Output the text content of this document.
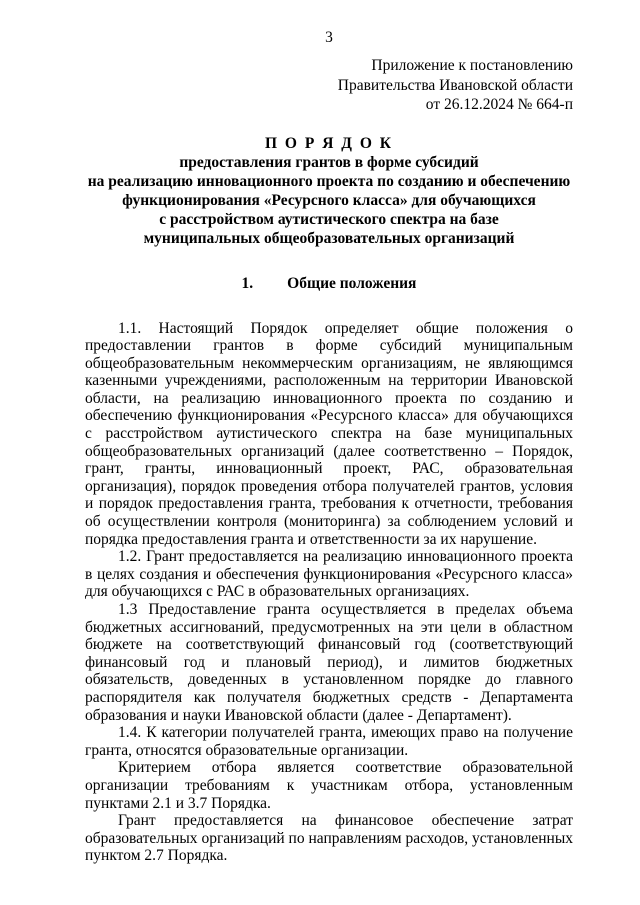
3
Приложение к постановлению
Правительства Ивановской области
от 26.12.2024 № 664-п
П О Р Я Д О К
предоставления грантов в форме субсидий
на реализацию инновационного проекта по созданию и обеспечению
функционирования «Ресурсного класса» для обучающихся
с расстройством аутистического спектра на базе
муниципальных общеобразовательных организаций
1. Общие положения

1.1. Настоящий Порядок определяет общие положения о предоставлении грантов в форме субсидий муниципальным общеобразовательным некоммерческим организациям, не являющимся казенными учреждениями, расположенным на территории Ивановской области, на реализацию инновационного проекта по созданию и обеспечению функционирования «Ресурсного класса» для обучающихся с расстройством аутистического спектра на базе муниципальных общеобразовательных организаций (далее соответственно – Порядок, грант, гранты, инновационный проект, РАС, образовательная организация), порядок проведения отбора получателей грантов, условия и порядок предоставления гранта, требования к отчетности, требования об осуществлении контроля (мониторинга) за соблюдением условий и порядка предоставления гранта и ответственности за их нарушение.

1.2. Грант предоставляется на реализацию инновационного проекта в целях создания и обеспечения функционирования «Ресурсного класса» для обучающихся с РАС в образовательных организациях.

1.3 Предоставление гранта осуществляется в пределах объема бюджетных ассигнований, предусмотренных на эти цели в областном бюджете на соответствующий финансовый год (соответствующий финансовый год и плановый период), и лимитов бюджетных обязательств, доведенных в установленном порядке до главного распорядителя как получателя бюджетных средств - Департамента образования и науки Ивановской области (далее - Департамент).

1.4. К категории получателей гранта, имеющих право на получение гранта, относятся образовательные организации.

Критерием отбора является соответствие образовательной организации требованиям к участникам отбора, установленным пунктами 2.1 и 3.7 Порядка.

Грант предоставляется на финансовое обеспечение затрат образовательных организаций по направлениям расходов, установленных пунктом 2.7 Порядка.
